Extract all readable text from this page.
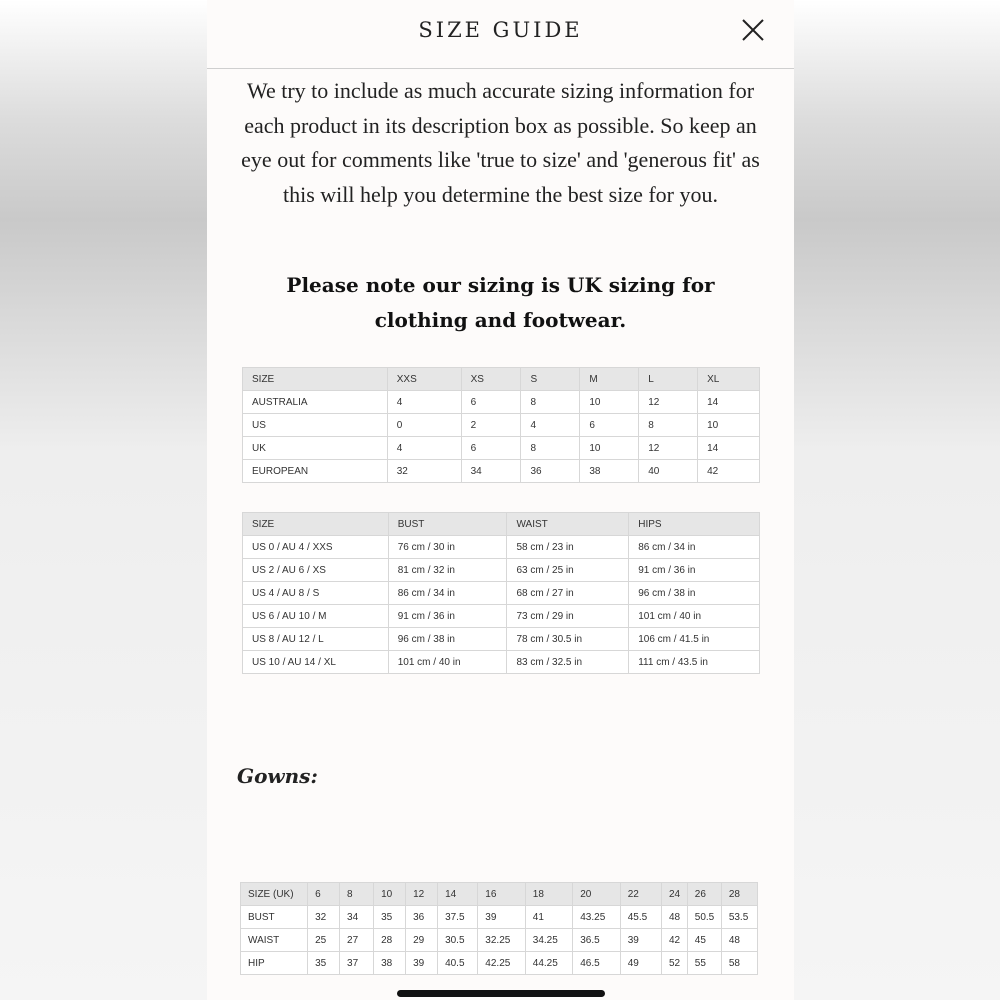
SIZE GUIDE
We try to include as much accurate sizing information for each product in its description box as possible. So keep an eye out for comments like 'true to size' and 'generous fit' as this will help you determine the best size for you.
Please note our sizing is UK sizing for clothing and footwear.
SIZE	XXS	XS	S	M	L	XL
AUSTRALIA	4	6	8	10	12	14
US	0	2	4	6	8	10
UK	4	6	8	10	12	14
EUROPEAN	32	34	36	38	40	42
SIZE	BUST	WAIST	HIPS
US 0 / AU 4 / XXS	76 cm / 30 in	58 cm / 23 in	86 cm / 34 in
US 2 / AU 6 / XS	81 cm / 32 in	63 cm / 25 in	91 cm / 36 in
US 4 / AU 8 / S	86 cm / 34 in	68 cm / 27 in	96 cm / 38 in
US 6 / AU 10 / M	91 cm / 36 in	73 cm / 29 in	101 cm / 40 in
US 8 / AU 12 / L	96 cm / 38 in	78 cm / 30.5 in	106 cm / 41.5 in
US 10 / AU 14 / XL	101 cm / 40 in	83 cm / 32.5 in	111 cm / 43.5 in
Gowns:
SIZE (UK)	6	8	10	12	14	16	18	20	22	24	26	28
BUST	32	34	35	36	37.5	39	41	43.25	45.5	48	50.5	53.5
WAIST	25	27	28	29	30.5	32.25	34.25	36.5	39	42	45	48
HIP	35	37	38	39	40.5	42.25	44.25	46.5	49	52	55	58
